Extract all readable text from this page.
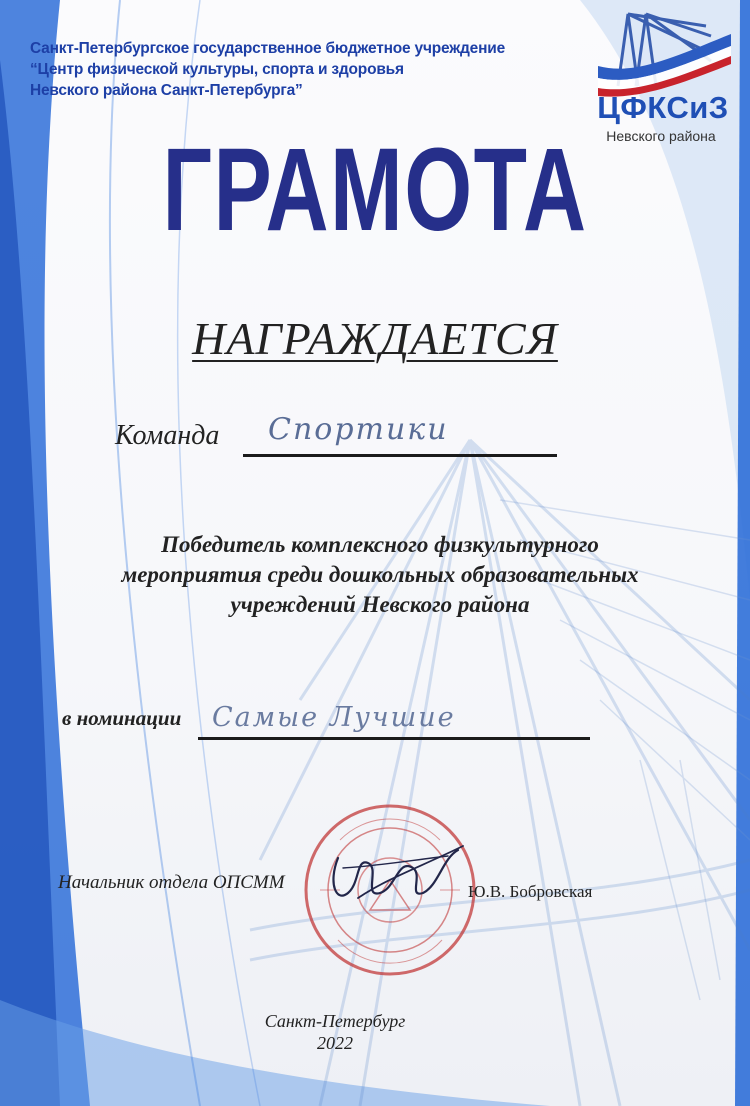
Санкт-Петербургское государственное бюджетное учреждение
“Центр физической культуры, спорта и здоровья
Невского района Санкт-Петербурга”	ЦФКСиЗ
Невского района
ГРАМОТА
НАГРАЖДАЕТСЯ
Команда Спортики
Победитель комплексного физкультурного
мероприятия среди дошкольных образовательных
учреждений Невского района
в номинации Самые Лучшие
Начальник отдела ОПСММ	Ю.В. Бобровская
Санкт-Петербург
2022
